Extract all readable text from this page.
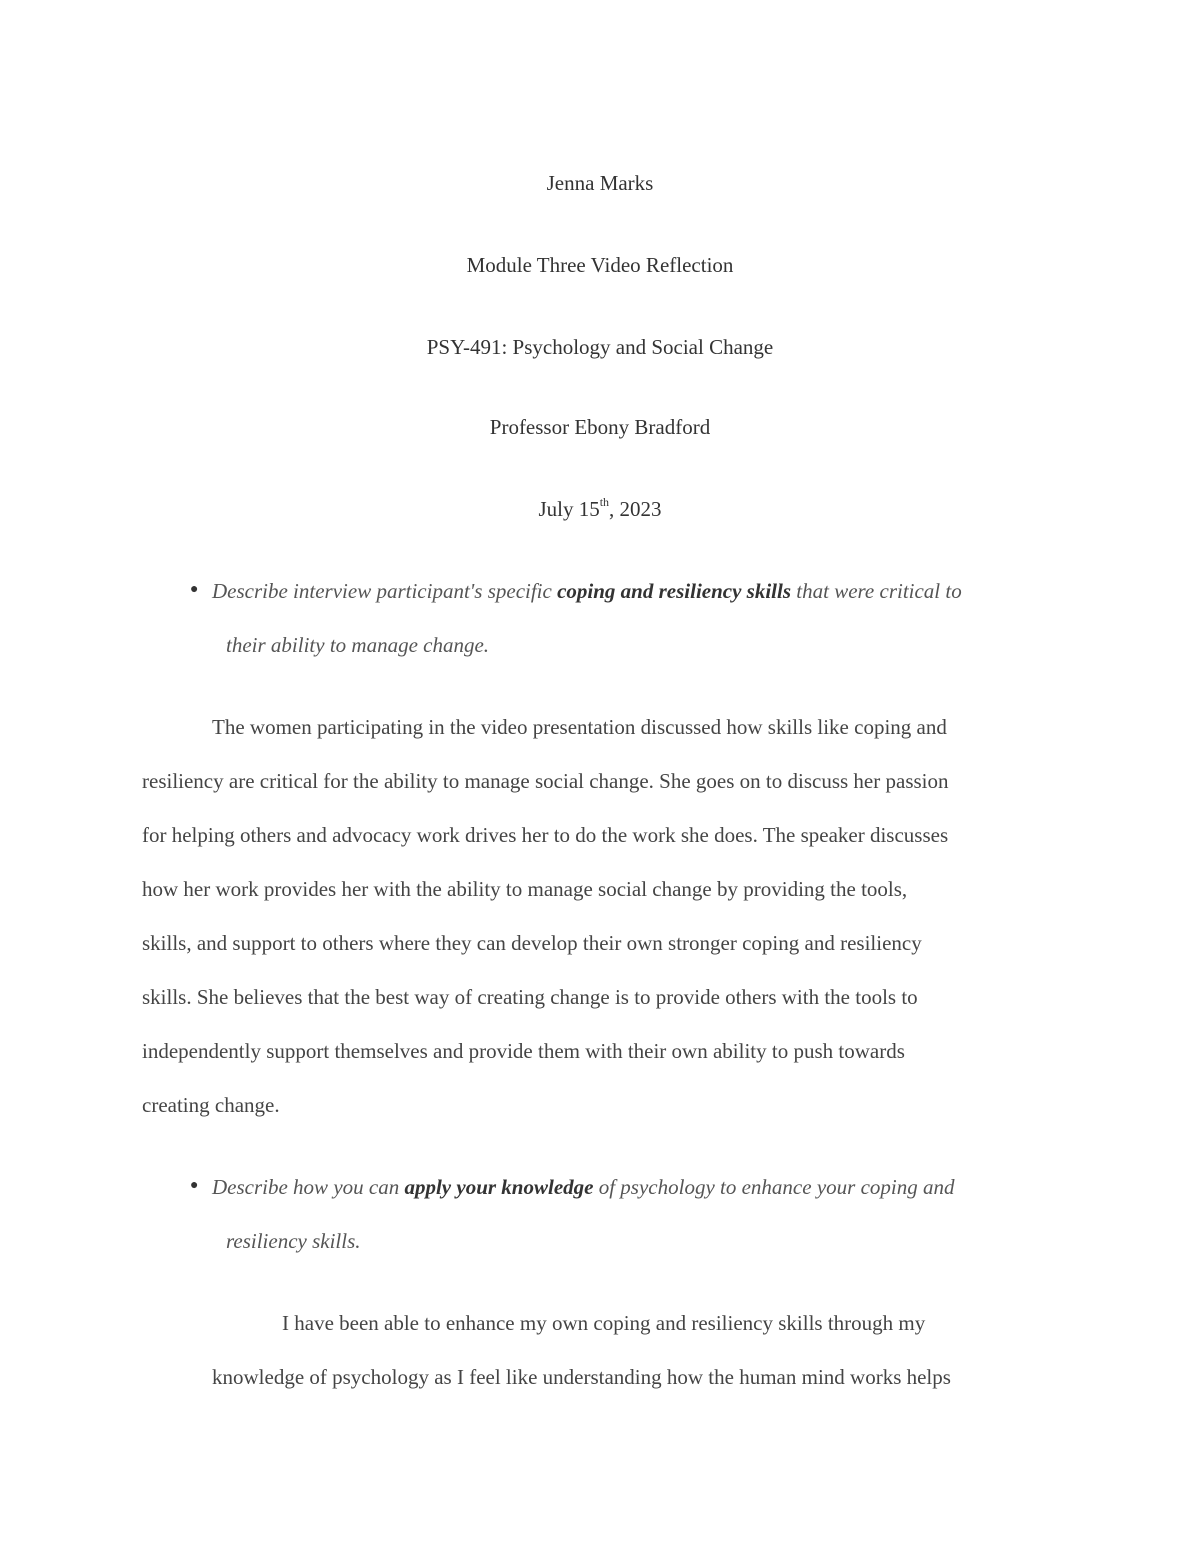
Jenna Marks
Module Three Video Reflection
PSY-491: Psychology and Social Change
Professor Ebony Bradford
July 15th, 2023
● Describe interview participant's specific coping and resiliency skills that were critical to
their ability to manage change.
The women participating in the video presentation discussed how skills like coping and
resiliency are critical for the ability to manage social change. She goes on to discuss her passion
for helping others and advocacy work drives her to do the work she does. The speaker discusses
how her work provides her with the ability to manage social change by providing the tools,
skills, and support to others where they can develop their own stronger coping and resiliency
skills. She believes that the best way of creating change is to provide others with the tools to
independently support themselves and provide them with their own ability to push towards
creating change.
● Describe how you can apply your knowledge of psychology to enhance your coping and
resiliency skills.
I have been able to enhance my own coping and resiliency skills through my
knowledge of psychology as I feel like understanding how the human mind works helps
